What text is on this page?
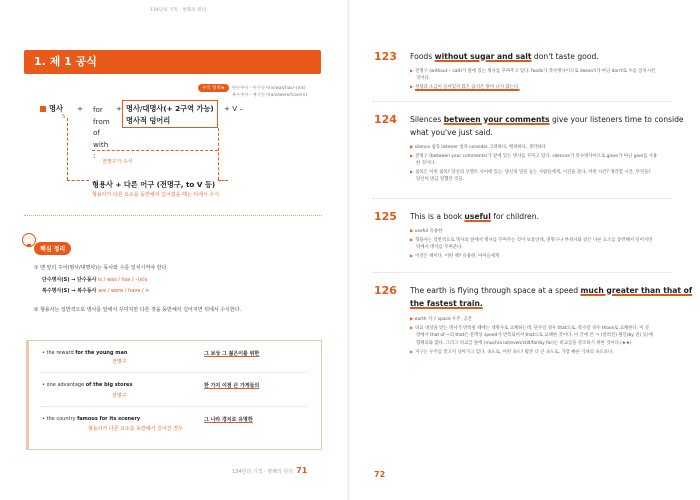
134단의 기적 · 변화의 원리
1. 제 1 공식
수식 일치★	단수주어 – 단수동사(is/was/has/–(e)s)
복수주어 – 복수동사(are/were/have/×)
명사
S
+ for
from
of
with
:
+ 명사/대명사(+ 2구역 가능)
명사적 덩어리
+ V –
전명구가 수식
형용사 + 다른 어구 (전명구, to V 등)
형용사가 다른 요소를 동반해서 길어졌을 때는 뒤에서 수식
핵심 정리
① 맨 앞의 주어(명사/대명사)는 동사와 수를 일치시켜야 한다.
단수명사(S) → 단수동사 is / was / has / –(e)s
복수명사(S) → 복수동사 are / were / have / ×
② 형용사는 일반적으로 명사를 앞에서 꾸미지만 다른 것을 동반해서 길어지면 뒤에서 수식한다.
• the reward for the young man
전명구
그 보상 그 젊은이를 위한
• one advantage of the big stores
전명구
한 가지 이점 큰 가게들의
• the country famous for its scenery
형용사가 다른 요소를 동반해서 길어진 경우
그 나라 경치로 유명한
134단의 기적 · 명쾌의 원리 71
123 Foods without sugar and salt don't taste good.
▶ 전명구 (without – salt)가 앞에 있는 명사를 꾸며주고 있다. foods가 복수명사이므로 doesn't가 아닌 don't로 수를 일치시킨
것이다.
▶ 설탕과 소금이 들어있지 않은 음식은 맛이 나지 않는다.
124 Silences between your comments give your listeners time to conside
what you've just said.
▶ silence 침묵 listener 청자 consider 고려하다, 배려하다, 생각하다
▶ 전명구 (between your comments)가 앞에 있는 명사를 꾸미고 있다. silences가 복수명사이므로 gives가 아닌 give를 사용
한 것이다.
▶ 침묵은 어떤 침묵? 당신의 코멘트 사이에 있는. 당신의 말을 듣는 사람들에게, 시간을 준다, 어떤 시간? 생각할 시간, 무엇을?
당신이 방금 말했던 것을.
125 This is a book useful for children.
▶ useful 유용한
▶ 형용사는 일반적으로 명사의 앞에서 명사를 꾸며주는 것이 보통인데, 전명구나 부정사와 같은 다른 요소를 동반해서 길어지면
뒤에서 명사를 꾸며준다.
▶ 이것은 책이다. 어떤 책? 유용한, 아이들에게
126 The earth is flying through space at a speed much greater than that of
the fastest train.
▶ earth 지구 space 우주, 공간
▶ 비교 대상을 받는 명사가 반복될 때에는 대명사로 교체하는데, 단수일 경우 that으로, 복수일 경우 those로 교체한다. 이 문
장에서 that of ~의 that은 문맥상 speed가 반복되어서 that으로 교체한 것이다. 이 글에 쓴 ㅋ (알려진) 원인(by 전) 등)에
형태의와 많다. 그리고 비교급 앞에 (much/a lot/even/still/far/by far)는 비교급을 강조하기 위한 것이다.(★★)
▶ 지구는 우주를 꿀고서 날아가고 있다. 속도로, 어떤 속도? 훨씬 더 큰 속도로, 가장 빠른 기차의 속도보다.
72
